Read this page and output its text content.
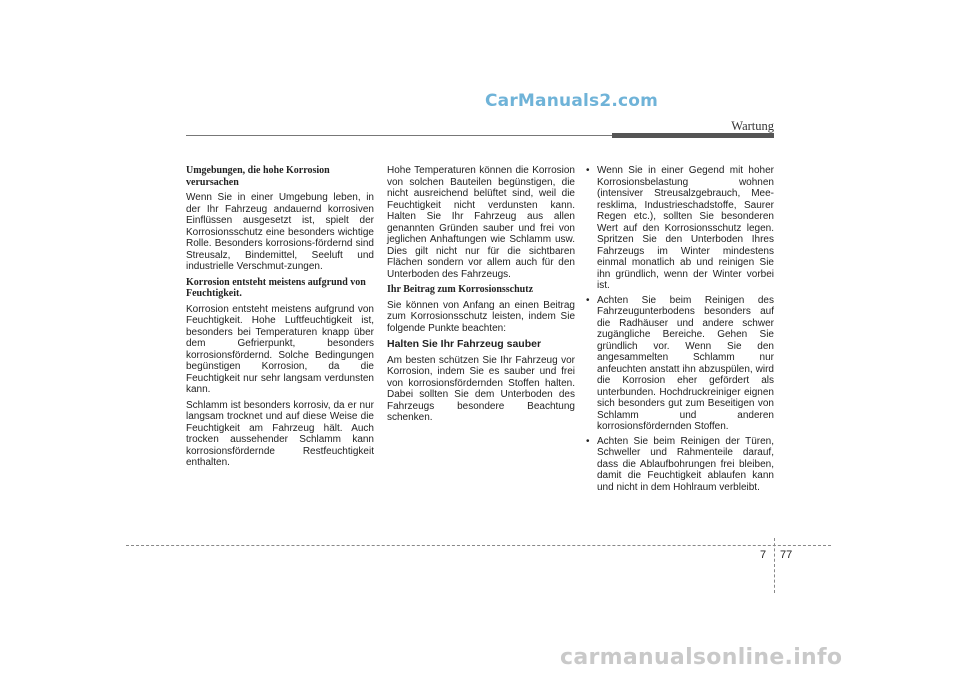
CarManuals2.com
Wartung
Umgebungen, die hohe Korrosion verursachen

Wenn Sie in einer Umgebung leben, in der Ihr Fahrzeug andauernd korrosiven Einflüssen ausgesetzt ist, spielt der Korrosionsschutz eine besonders wichtige Rolle. Besonders korrosions-fördernd sind Streusalz, Bindemittel, Seeluft und industrielle Verschmut-zungen.

Korrosion entsteht meistens aufgrund von Feuchtigkeit.

Korrosion entsteht meistens aufgrund von Feuchtigkeit. Hohe Luftfeuchtigkeit ist, besonders bei Temperaturen knapp über dem Gefrierpunkt, besonders korrosionsfördernd. Solche Bedingungen begünstigen Korrosion, da die Feuchtigkeit nur sehr langsam verdunsten kann.

Schlamm ist besonders korrosiv, da er nur langsam trocknet und auf diese Weise die Feuchtigkeit am Fahrzeug hält. Auch trocken aussehender Schlamm kann korrosionsfördernde Restfeuchtigkeit enthalten.

Hohe Temperaturen können die Korrosion von solchen Bauteilen begünstigen, die nicht ausreichend belüftet sind, weil die Feuchtigkeit nicht verdunsten kann. Halten Sie Ihr Fahrzeug aus allen genannten Gründen sauber und frei von jeglichen Anhaftungen wie Schlamm usw. Dies gilt nicht nur für die sichtbaren Flächen sondern vor allem auch für den Unterboden des Fahrzeugs.

Ihr Beitrag zum Korrosionsschutz

Sie können von Anfang an einen Beitrag zum Korrosionsschutz leisten, indem Sie folgende Punkte beachten:

Halten Sie Ihr Fahrzeug sauber

Am besten schützen Sie Ihr Fahrzeug vor Korrosion, indem Sie es sauber und frei von korrosionsfördernden Stoffen halten. Dabei sollten Sie dem Unterboden des Fahrzeugs besondere Beachtung schenken.

• Wenn Sie in einer Gegend mit hoher Korrosionsbelastung wohnen (intensiver Streusalzgebrauch, Mee-resklima, Industrieschadstoffe, Saurer Regen etc.), sollten Sie besonderen Wert auf den Korrosionsschutz legen. Spritzen Sie den Unterboden Ihres Fahrzeugs im Winter mindestens einmal monatlich ab und reinigen Sie ihn gründlich, wenn der Winter vorbei ist.
• Achten Sie beim Reinigen des Fahrzeugunterbodens besonders auf die Radhäuser und andere schwer zugängliche Bereiche. Gehen Sie gründlich vor. Wenn Sie den angesammelten Schlamm nur anfeuchten anstatt ihn abzuspülen, wird die Korrosion eher gefördert als unterbunden. Hochdruckreiniger eignen sich besonders gut zum Beseitigen von Schlamm und anderen korrosionsfördernden Stoffen.
• Achten Sie beim Reinigen der Türen, Schweller und Rahmenteile darauf, dass die Ablaufbohrungen frei bleiben, damit die Feuchtigkeit ablaufen kann und nicht in dem Hohlraum verbleibt.
7 77
carmanualsonline.info
